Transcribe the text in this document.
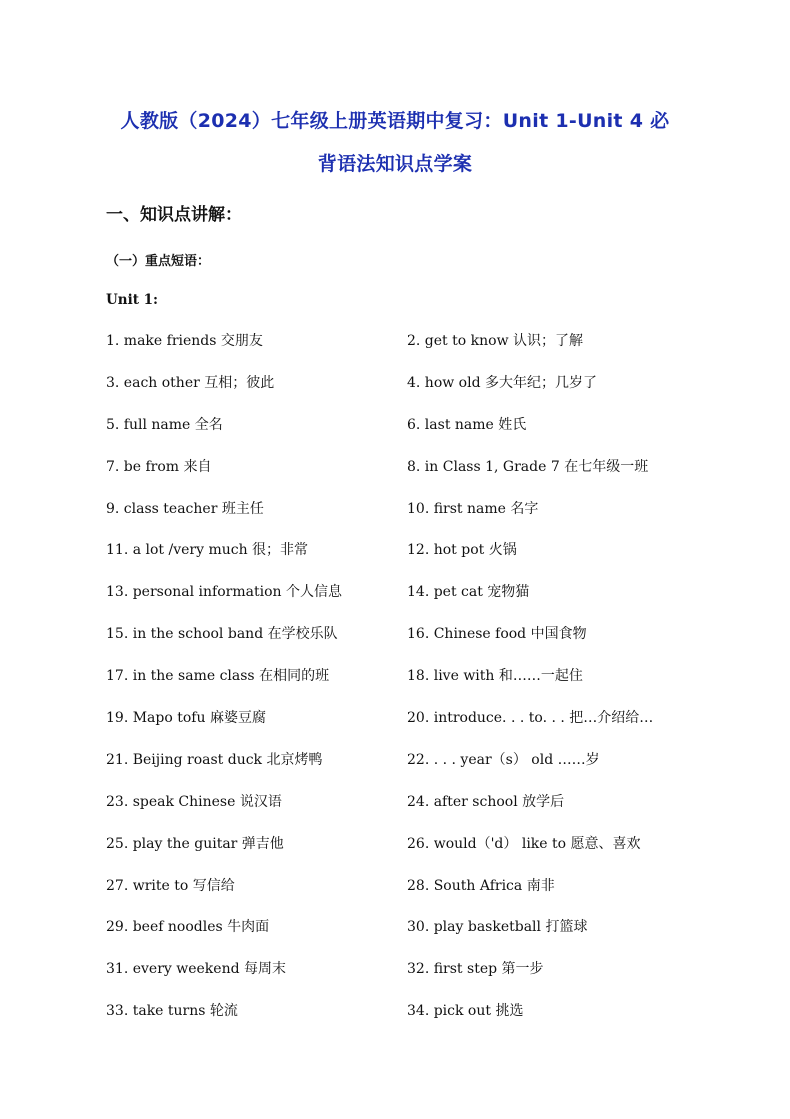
人教版（2024）七年级上册英语期中复习：Unit 1-Unit 4 必
背语法知识点学案
一、知识点讲解：
（一）重点短语：
Unit 1:
1. make friends 交朋友	2. get to know 认识；了解
3. each other 互相；彼此	4. how old 多大年纪；几岁了
5. full name 全名	6. last name 姓氏
7. be from 来自	8. in Class 1, Grade 7 在七年级一班
9. class teacher 班主任	10. first name 名字
11. a lot /very much 很；非常	12. hot pot 火锅
13. personal information 个人信息	14. pet cat 宠物猫
15. in the school band 在学校乐队	16. Chinese food 中国食物
17. in the same class 在相同的班	18. live with 和……一起住
19. Mapo tofu 麻婆豆腐	20. introduce. . . to. . . 把…介绍给…
21. Beijing roast duck 北京烤鸭	22. . . . year（s） old ……岁
23. speak Chinese 说汉语	24. after school 放学后
25. play the guitar 弹吉他	26. would（'d） like to 愿意、喜欢
27. write to 写信给	28. South Africa 南非
29. beef noodles 牛肉面	30. play basketball 打篮球
31. every weekend 每周末	32. first step 第一步
33. take turns 轮流	34. pick out 挑选
